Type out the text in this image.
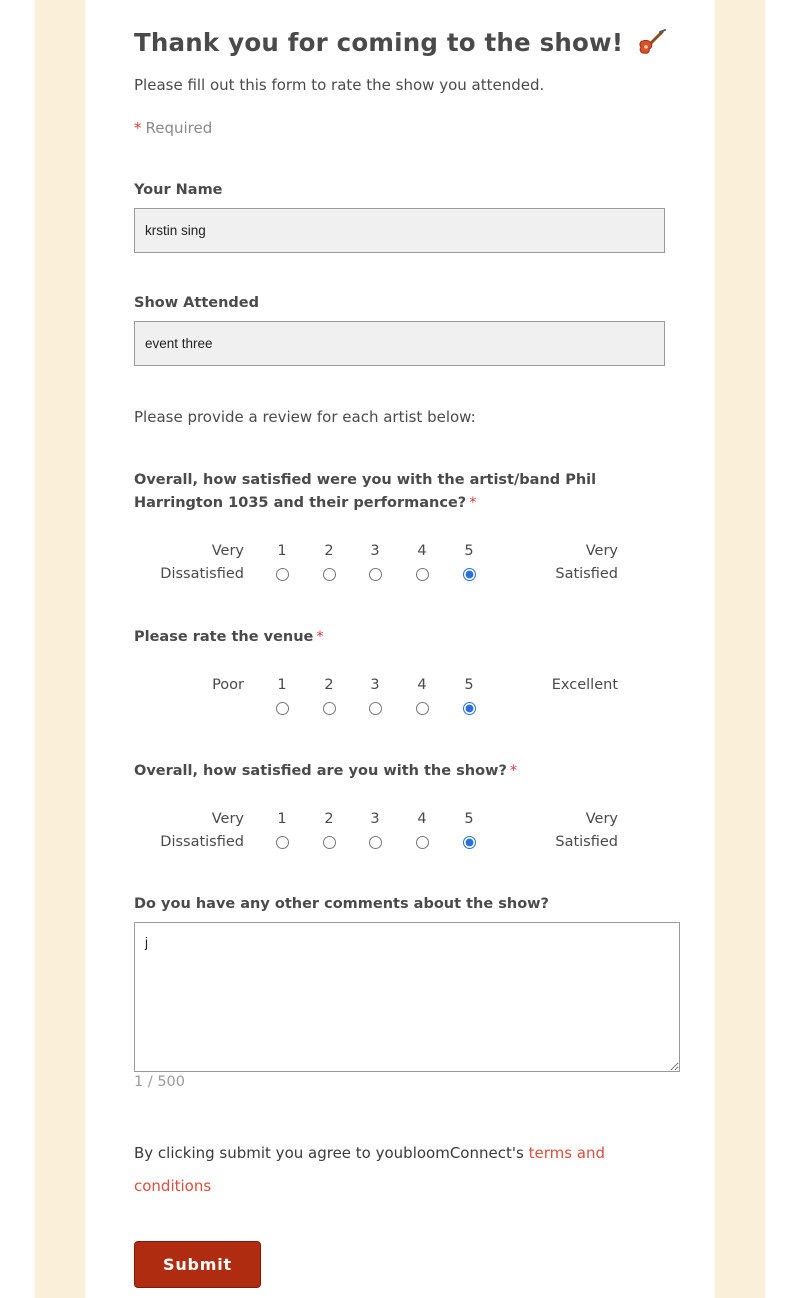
Thank you for coming to the show!
Please fill out this form to rate the show you attended.
* Required
Your Name
krstin sing
Show Attended
event three
Please provide a review for each artist below:
Overall, how satisfied were you with the artist/band Phil Harrington 1035 and their performance? *
Very Dissatisfied
1	2	3	4	5	Very Satisfied
Please rate the venue *
Poor	1	2	3	4	5	Excellent
Overall, how satisfied are you with the show? *
Very Dissatisfied
1	2	3	4	5	Very Satisfied
Do you have any other comments about the show?
j
1 / 500
By clicking submit you agree to youbloomConnect's terms and conditions
Submit
